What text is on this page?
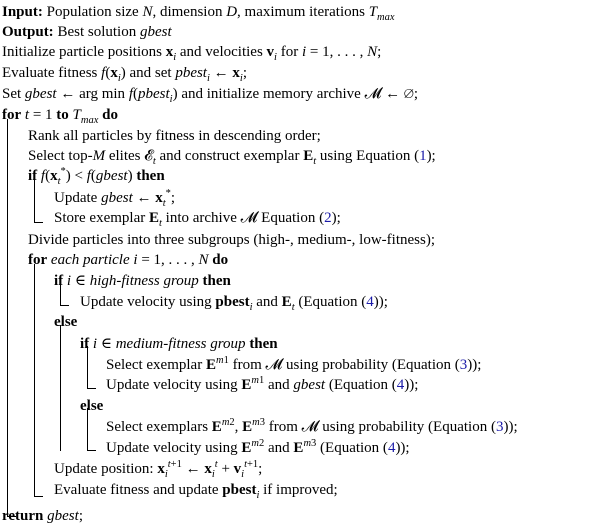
Input: Population size N, dimension D, maximum iterations $T_{max}$
Output: Best solution gbest
Initialize particle positions $x_i$ and velocities $v_i$ for i = 1, . . . , N;
Evaluate fitness $f(x_i)$ and set pbest$_i$ ← $x_i$;
Set gbest ← arg min f(pbest$_i$) and initialize memory archive 𝓜 ← ∅;
for t = 1 to $T_{max}$ do
Rank all particles by fitness in descending order;
Select top-M elites 𝓔$_t$ and construct exemplar $E_t$ using Equation (1);
if $f(x_t^*)$ < f(gbest) then
Update gbest ← $x_t^*$;
Store exemplar $E_t$ into archive 𝓜 Equation (2);
Divide particles into three subgroups (high-, medium-, low-fitness);
for each particle i = 1, . . . , N do
if i ∈ high-fitness group then
Update velocity using pbest$_i$ and $E_t$ (Equation (4));
else
if i ∈ medium-fitness group then
Select exemplar $E^{m1}$ from 𝓜 using probability (Equation (3));
Update velocity using $E^{m1}$ and gbest (Equation (4));
else
Select exemplars $E^{m2}$, $E^{m3}$ from 𝓜 using probability (Equation (3));
Update velocity using $E^{m2}$ and $E^{m3}$ (Equation (4));
Update position: $x_i^{t+1}$ ← $x_i^t + v_i^{t+1}$;
Evaluate fitness and update pbest$_i$ if improved;
return gbest;
